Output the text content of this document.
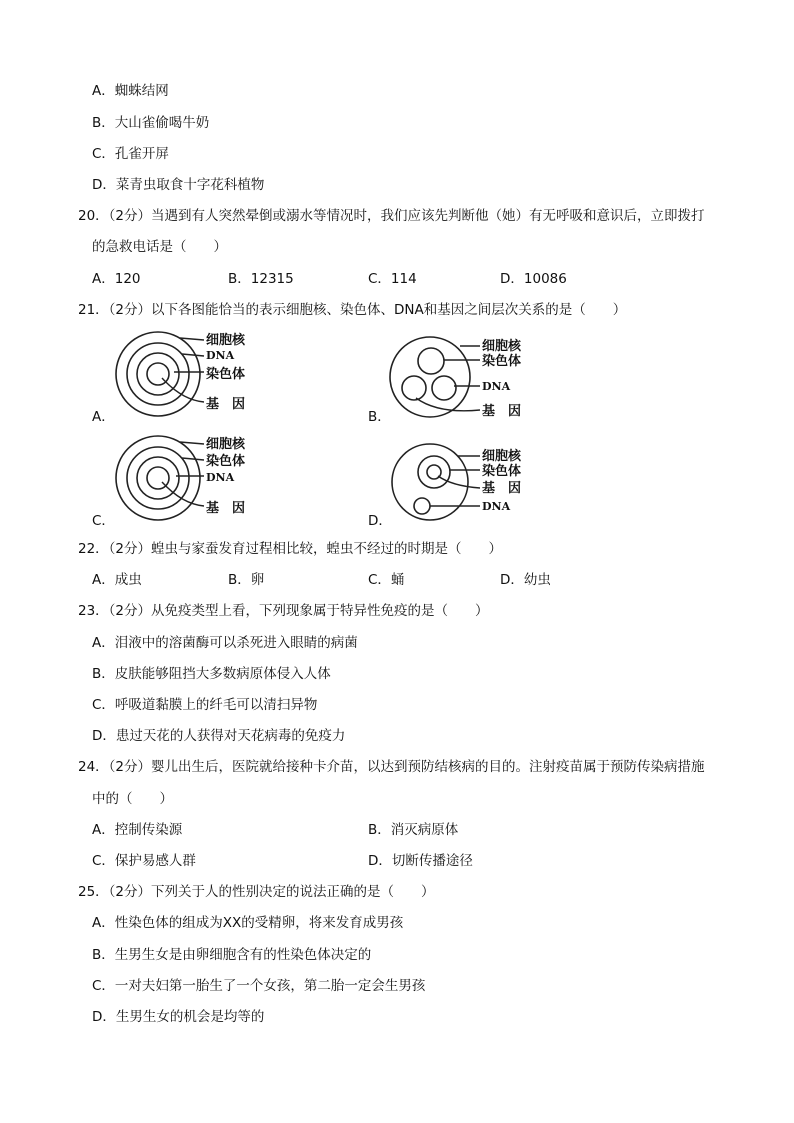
A．蜘蛛结网
B．大山雀偷喝牛奶
C．孔雀开屏
D．菜青虫取食十字花科植物
20．（2分）当遇到有人突然晕倒或溺水等情况时，我们应该先判断他（她）有无呼吸和意识后，立即拨打
的急救电话是（　　）
A．120	B．12315	C．114	D．10086
21．（2分）以下各图能恰当的表示细胞核、染色体、DNA和基因之间层次关系的是（　　）
A．
细胞核
DNA
染色体
基　因
B．
细胞核
染色体
DNA
基　因
C．
细胞核
染色体
DNA
基　因
D．
细胞核
染色体
基　因
DNA
22．（2分）蝗虫与家蚕发育过程相比较，蝗虫不经过的时期是（　　）
A．成虫	B．卵	C．蛹	D．幼虫
23．（2分）从免疫类型上看，下列现象属于特异性免疫的是（　　）
A．泪液中的溶菌酶可以杀死进入眼睛的病菌
B．皮肤能够阻挡大多数病原体侵入人体
C．呼吸道黏膜上的纤毛可以清扫异物
D．患过天花的人获得对天花病毒的免疫力
24．（2分）婴儿出生后，医院就给接种卡介苗，以达到预防结核病的目的。注射疫苗属于预防传染病措施
中的（　　）
A．控制传染源	B．消灭病原体
C．保护易感人群	D．切断传播途径
25．（2分）下列关于人的性别决定的说法正确的是（　　）
A．性染色体的组成为XX的受精卵，将来发育成男孩
B．生男生女是由卵细胞含有的性染色体决定的
C．一对夫妇第一胎生了一个女孩，第二胎一定会生男孩
D．生男生女的机会是均等的
